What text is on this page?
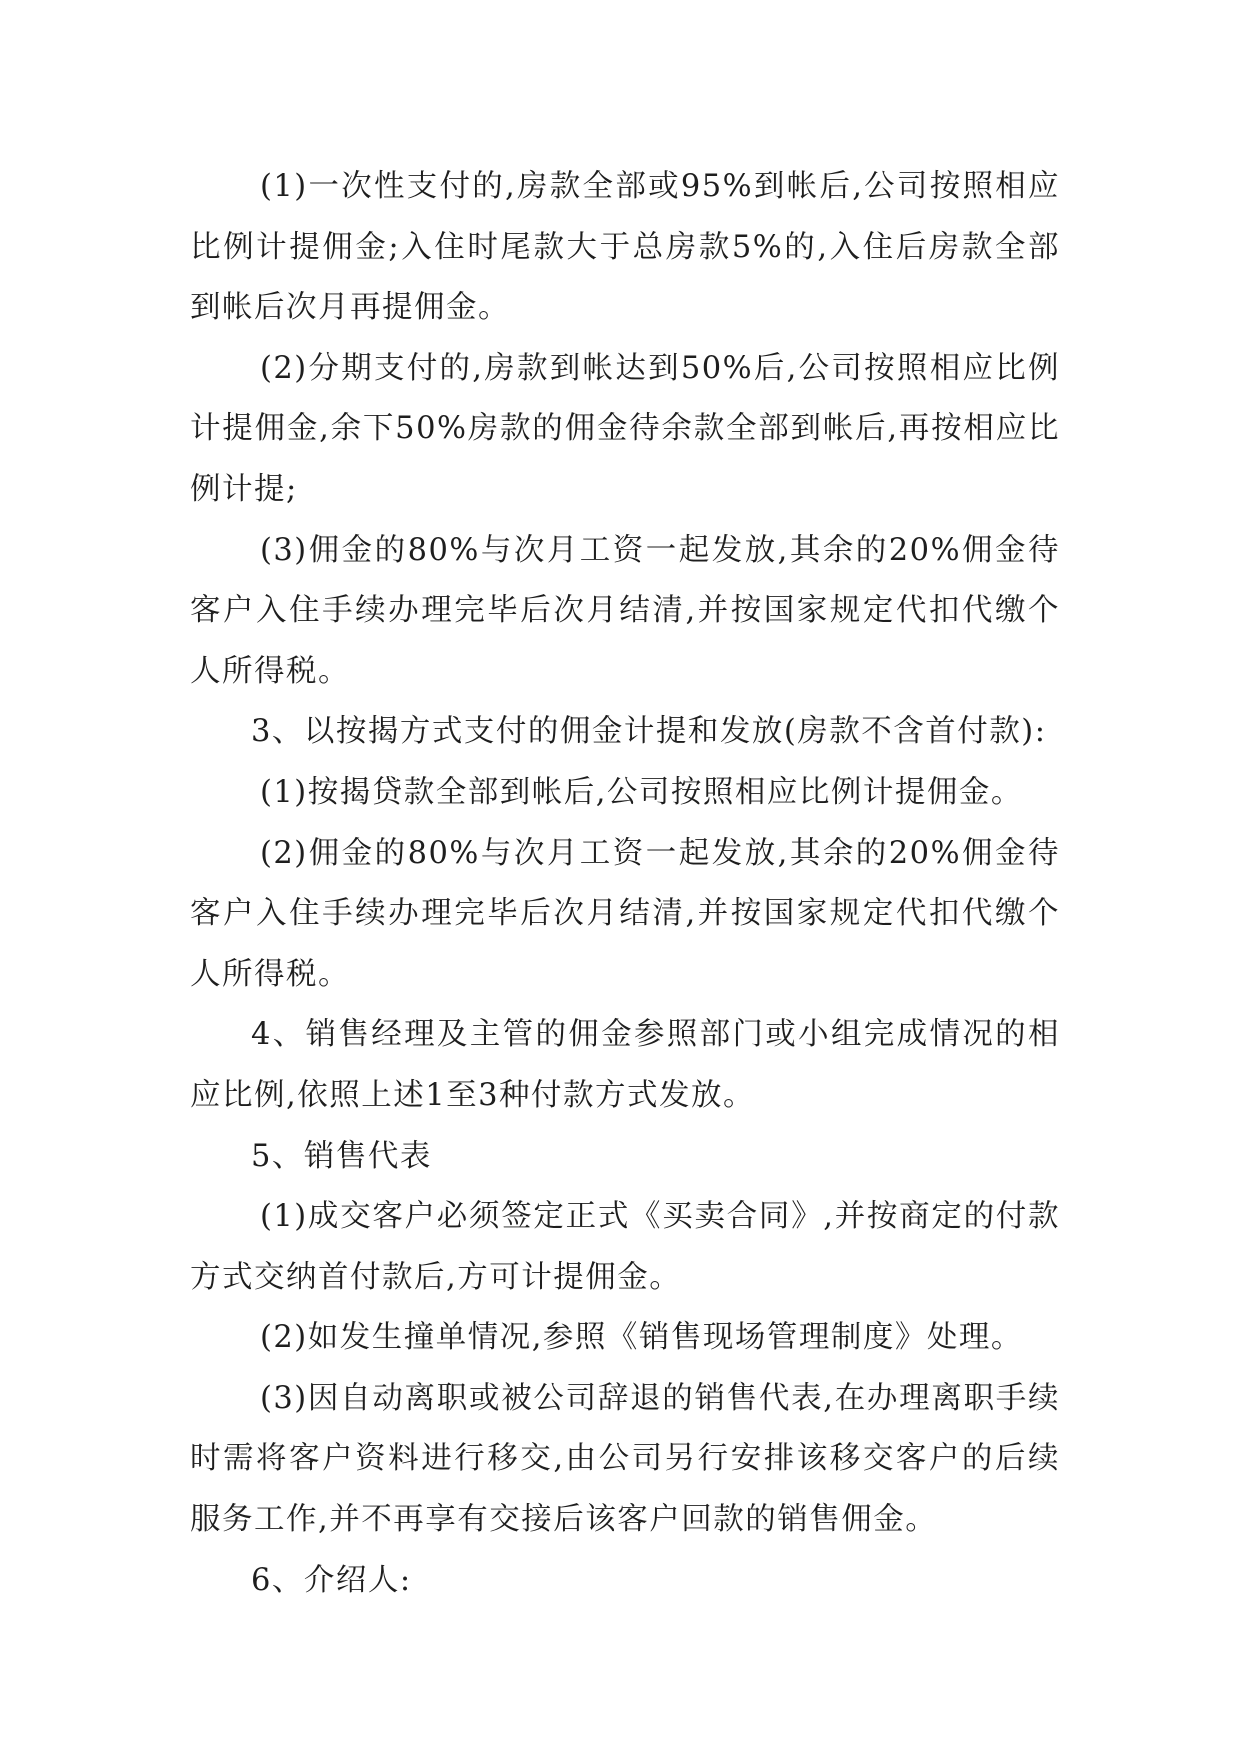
(1)一次性支付的,房款全部或95%到帐后,公司按照相应比例计提佣金;入住时尾款大于总房款5%的,入住后房款全部到帐后次月再提佣金。

(2)分期支付的,房款到帐达到50%后,公司按照相应比例计提佣金,余下50%房款的佣金待余款全部到帐后,再按相应比例计提;

(3)佣金的80%与次月工资一起发放,其余的20%佣金待客户入住手续办理完毕后次月结清,并按国家规定代扣代缴个人所得税。

3、以按揭方式支付的佣金计提和发放(房款不含首付款):

(1)按揭贷款全部到帐后,公司按照相应比例计提佣金。

(2)佣金的80%与次月工资一起发放,其余的20%佣金待客户入住手续办理完毕后次月结清,并按国家规定代扣代缴个人所得税。

4、销售经理及主管的佣金参照部门或小组完成情况的相应比例,依照上述1至3种付款方式发放。

5、销售代表

(1)成交客户必须签定正式《买卖合同》,并按商定的付款方式交纳首付款后,方可计提佣金。

(2)如发生撞单情况,参照《销售现场管理制度》处理。

(3)因自动离职或被公司辞退的销售代表,在办理离职手续时需将客户资料进行移交,由公司另行安排该移交客户的后续服务工作,并不再享有交接后该客户回款的销售佣金。

6、介绍人:
